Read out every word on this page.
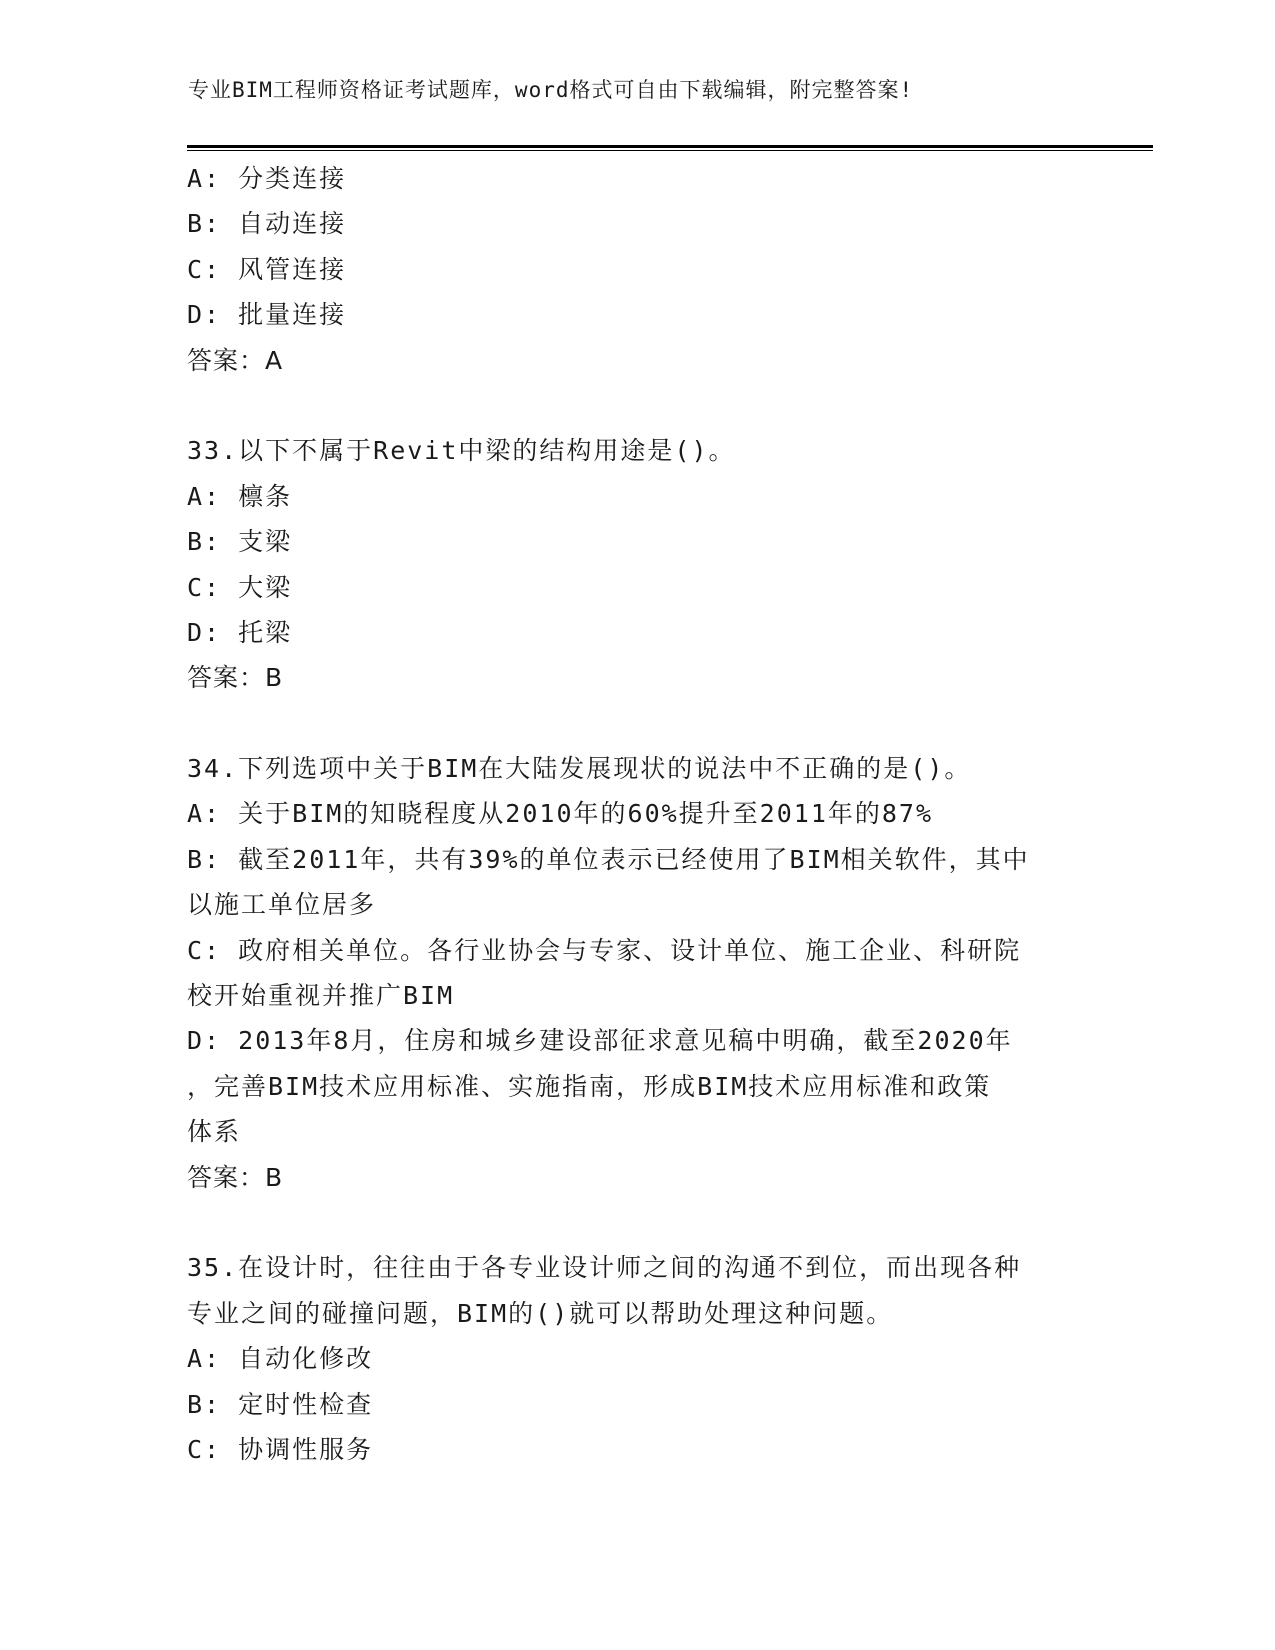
专业BIM工程师资格证考试题库，word格式可自由下载编辑，附完整答案!
A: 分类连接
B: 自动连接
C: 风管连接
D: 批量连接
答案：A
33.以下不属于Revit中梁的结构用途是()。
A: 檩条
B: 支梁
C: 大梁
D: 托梁
答案：B
34.下列选项中关于BIM在大陆发展现状的说法中不正确的是()。
A: 关于BIM的知晓程度从2010年的60%提升至2011年的87%
B: 截至2011年，共有39%的单位表示已经使用了BIM相关软件，其中
以施工单位居多
C: 政府相关单位。各行业协会与专家、设计单位、施工企业、科研院
校开始重视并推广BIM
D: 2013年8月，住房和城乡建设部征求意见稿中明确，截至2020年
，完善BIM技术应用标准、实施指南，形成BIM技术应用标准和政策
体系
答案：B
35.在设计时，往往由于各专业设计师之间的沟通不到位，而出现各种
专业之间的碰撞问题，BIM的()就可以帮助处理这种问题。
A: 自动化修改
B: 定时性检查
C: 协调性服务
